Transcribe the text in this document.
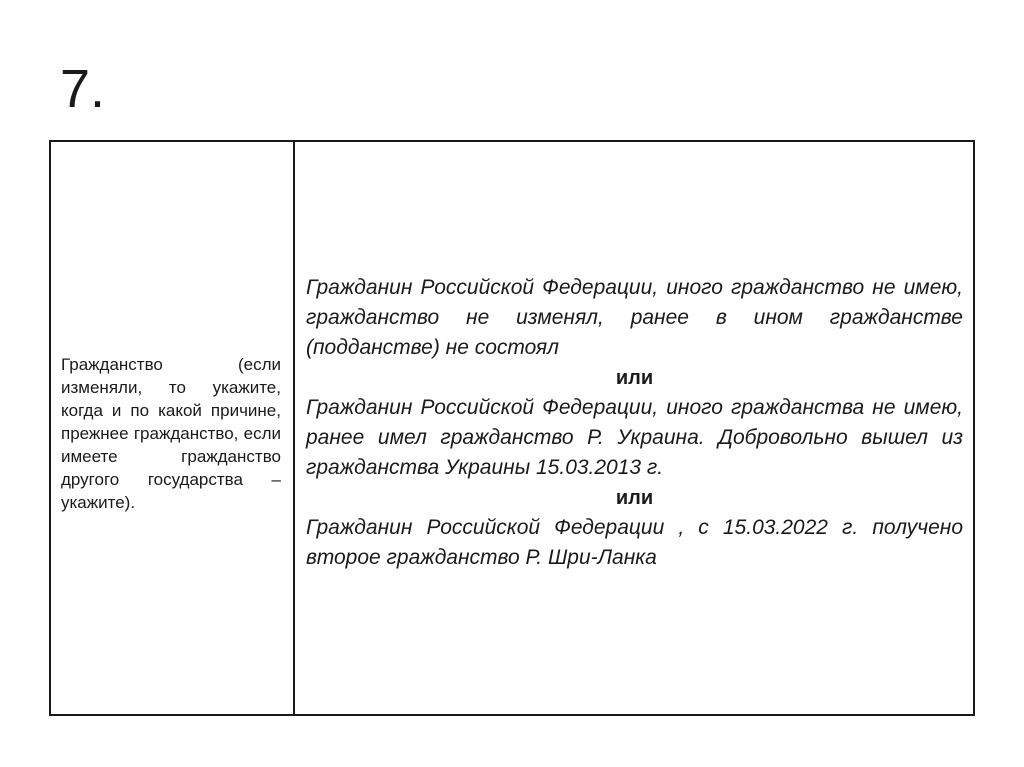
7.

Гражданство (если изменяли, то укажите, когда и по какой причине, прежнее гражданство, если имеете гражданство другого государства – укажите).

Гражданин Российской Федерации, иного гражданство не имею, гражданство не изменял, ранее в ином гражданстве (подданстве) не состоял

или

Гражданин Российской Федерации, иного гражданства не имею, ранее имел гражданство Р. Украина. Добровольно вышел из гражданства Украины 15.03.2013 г.

или

Гражданин Российской Федерации , с 15.03.2022 г. получено второе гражданство Р. Шри-Ланка
